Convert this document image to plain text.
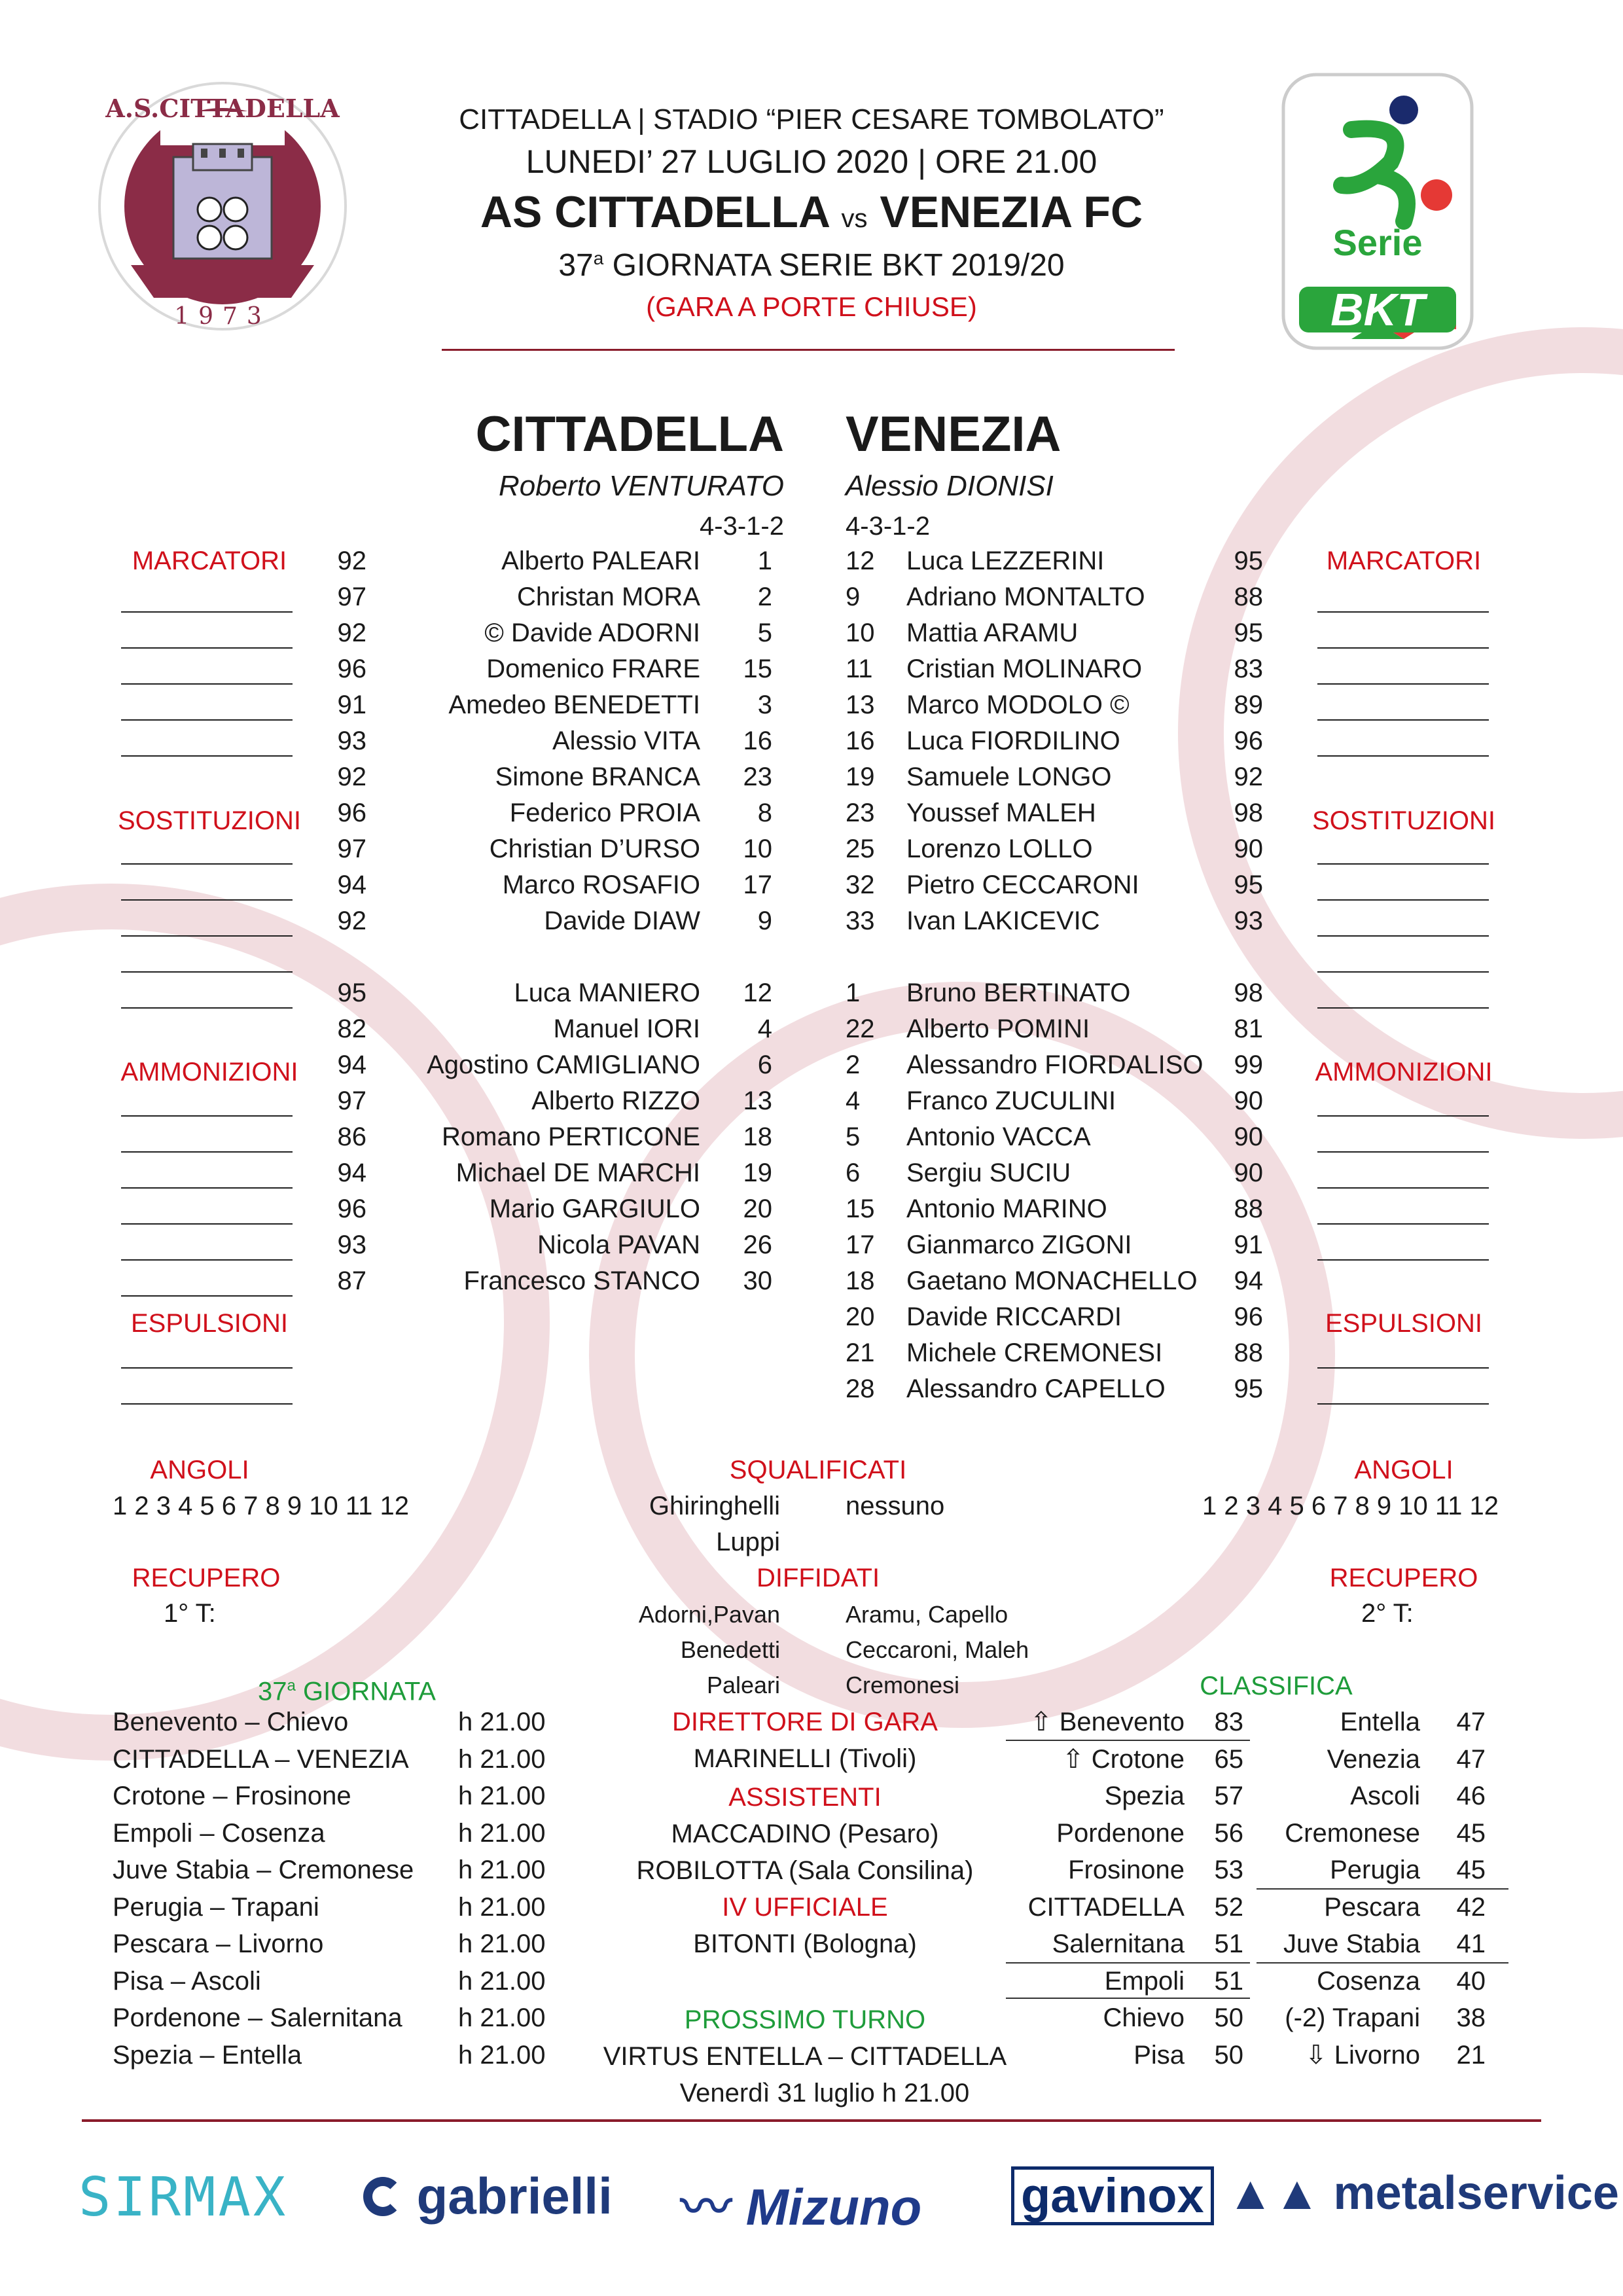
A.S.CITTADELLA
1973
Serie
BKT
CITTADELLA | STADIO “PIER CESARE TOMBOLATO”
LUNEDI’ 27 LUGLIO 2020 | ORE 21.00
AS CITTADELLA vs VENEZIA FC
37$^a$ GIORNATA SERIE BKT 2019/20
(GARA A PORTE CHIUSE)
CITTADELLA VENEZIA
Roberto VENTURATO Alessio DIONISI
4-3-1-2 4-3-1-2
MARCATORI
SOSTITUZIONI
AMMONIZIONI
ESPULSIONI
MARCATORI
SOSTITUZIONI
AMMONIZIONI
ESPULSIONI
92	Alberto PALEARI	1
97	Christan MORA	2
92	© Davide ADORNI	5
96	Domenico FRARE	15
91	Amedeo BENEDETTI	3
93	Alessio VITA	16
92	Simone BRANCA	23
96	Federico PROIA	8
97	Christian D’URSO	10
94	Marco ROSAFIO	17
92	Davide DIAW	9
95	Luca MANIERO	12
82	Manuel IORI	4
94	Agostino CAMIGLIANO	6
97	Alberto RIZZO	13
86	Romano PERTICONE	18
94	Michael DE MARCHI	19
96	Mario GARGIULO	20
93	Nicola PAVAN	26
87	Francesco STANCO	30
12	Luca LEZZERINI	95
9	Adriano MONTALTO	88
10	Mattia ARAMU	95
11	Cristian MOLINARO	83
13	Marco MODOLO ©	89
16	Luca FIORDILINO	96
19	Samuele LONGO	92
23	Youssef MALEH	98
25	Lorenzo LOLLO	90
32	Pietro CECCARONI	95
33	Ivan LAKICEVIC	93
1	Bruno BERTINATO	98
22	Alberto POMINI	81
2	Alessandro FIORDALISO	99
4	Franco ZUCULINI	90
5	Antonio VACCA	90
6	Sergiu SUCIU	90
15	Antonio MARINO	88
17	Gianmarco ZIGONI	91
18	Gaetano MONACHELLO	94
20	Davide RICCARDI	96
21	Michele CREMONESI	88
28	Alessandro CAPELLO	95
ANGOLI
1 2 3 4 5 6 7 8 9 10 11 12
ANGOLI
1 2 3 4 5 6 7 8 9 10 11 12
SQUALIFICATI
Ghiringhelli
Luppi
nessuno
DIFFIDATI
Adorni,Pavan
Benedetti
Paleari
Aramu, Capello
Ceccaroni, Maleh
Cremonesi
RECUPERO
1° T:
RECUPERO
2° T:
37$^a$ GIORNATA
Benevento – Chievo	h 21.00
CITTADELLA – VENEZIA	h 21.00
Crotone – Frosinone	h 21.00
Empoli – Cosenza	h 21.00
Juve Stabia – Cremonese	h 21.00
Perugia – Trapani	h 21.00
Pescara – Livorno	h 21.00
Pisa – Ascoli	h 21.00
Pordenone – Salernitana	h 21.00
Spezia – Entella	h 21.00
DIRETTORE DI GARA
MARINELLI (Tivoli)
ASSISTENTI
MACCADINO (Pesaro)
ROBILOTTA (Sala Consilina)
IV UFFICIALE
BITONTI (Bologna)
PROSSIMO TURNO
VIRTUS ENTELLA – CITTADELLA
Venerdì 31 luglio h 21.00
CLASSIFICA
⇧ Benevento	83
⇧ Crotone	65
Spezia	57
Pordenone	56
Frosinone	53
CITTADELLA	52
Salernitana	51
Empoli	51
Chievo	50
Pisa	50
Entella	47
Venezia	47
Ascoli	46
Cremonese	45
Perugia	45
Pescara	42
Juve Stabia	41
Cosenza	40
(-2) Trapani	38
⇩ Livorno	21
SIRMAX	gabrielli 〰 Mizuno gavinox ▲▲ metalservice
